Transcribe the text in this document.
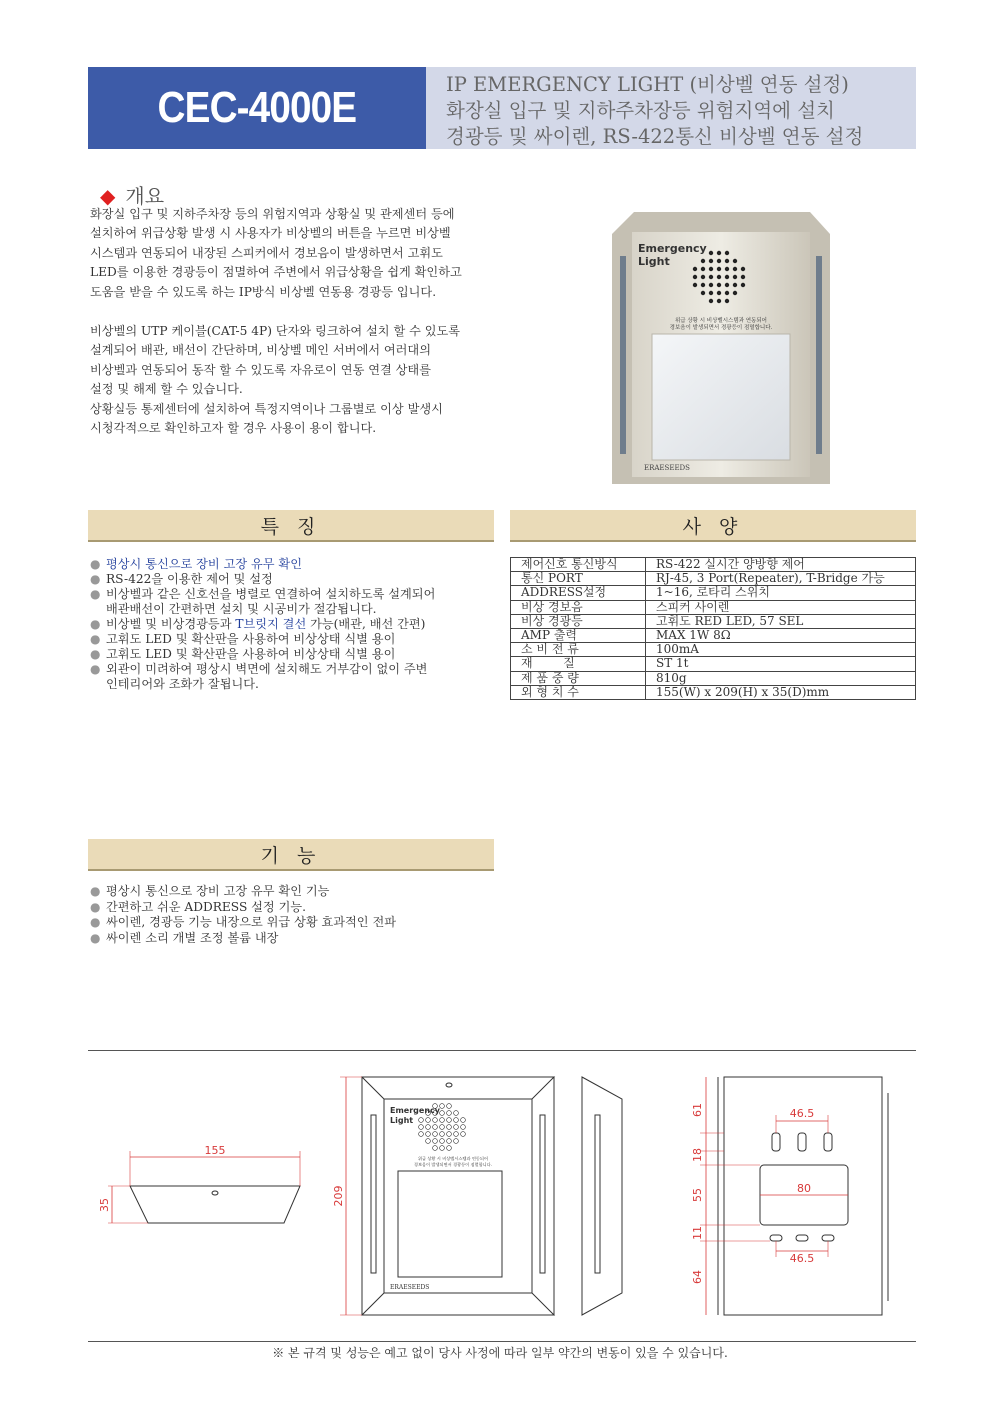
CEC-4000E	IP EMERGENCY LIGHT (비상벨 연동 설정)
화장실 입구 및 지하주차장등 위험지역에 설치
경광등 및 싸이렌, RS-422통신 비상벨 연동 설정
◆ 개요
화장실 입구 및 지하주차장 등의 위험지역과 상황실 및 관제센터 등에
설치하여 위급상황 발생 시 사용자가 비상벨의 버튼을 누르면 비상벨
시스템과 연동되어 내장된 스피커에서 경보음이 발생하면서 고휘도
LED를 이용한 경광등이 점멸하여 주변에서 위급상황을 쉽게 확인하고
도움을 받을 수 있도록 하는 IP방식 비상벨 연동용 경광등 입니다.
비상벨의 UTP 케이블(CAT-5 4P) 단자와 링크하여 설치 할 수 있도록
설계되어 배관, 배선이 간단하며, 비상벨 메인 서버에서 여러대의
비상벨과 연동되어 동작 할 수 있도록 자유로이 연동 연결 상태를
설정 및 해제 할 수 있습니다.
상황실등 통제센터에 설치하여 특정지역이나 그룹별로 이상 발생시
시청각적으로 확인하고자 할 경우 사용이 용이 합니다.
Emergency
Light
위급 상황 시 비상벨시스템과 연동되어
경보음이 발생되면서 경광등이 점멸합니다.
ERAESEEDS
특 징
● 평상시 통신으로 장비 고장 유무 확인
● RS-422을 이용한 제어 및 설정
● 비상벨과 같은 신호선을 병렬로 연결하여 설치하도록 설계되어
배관배선이 간편하면 설치 및 시공비가 절감됩니다.
● 비상벨 및 비상경광등과 T브릿지 결선 가능(배관, 배선 간편)
● 고휘도 LED 및 확산판을 사용하여 비상상태 식별 용이
● 고휘도 LED 및 확산판을 사용하여 비상상태 식별 용이
● 외관이 미려하여 평상시 벽면에 설치해도 거부감이 없이 주변
인테리어와 조화가 잘됩니다.
사 양
제어신호 통신방식	RS-422 실시간 양방향 제어
통신 PORT	RJ-45, 3 Port(Repeater), T-Bridge 가능
ADDRESS설정	1~16, 로타리 스위치
비상 경보음	스피커 사이렌
비상 경광등	고휘도 RED LED, 57 SEL
AMP 출력	MAX 1W 8Ω
소 비 전 류	100mA
재        질	ST 1t
제 품 중 량	810g
외 형 치 수	155(W) x 209(H) x 35(D)mm
기 능
● 평상시 통신으로 장비 고장 유무 확인 기능
● 간편하고 쉬운 ADDRESS 설정 기능.
● 싸이렌, 경광등 기능 내장으로 위급 상황 효과적인 전파
● 싸이렌 소리 개별 조정 볼륨 내장
155
35
Emergency
Light
위급 상황 시 비상벨시스템과 연동되어
경보음이 발생되면서 경광등이 점멸합니다.
ERAESEEDS
209
46.5
80
46.5
61
18
55
11
64
※ 본 규격 및 성능은 예고 없이 당사 사정에 따라 일부 약간의 변동이 있을 수 있습니다.
